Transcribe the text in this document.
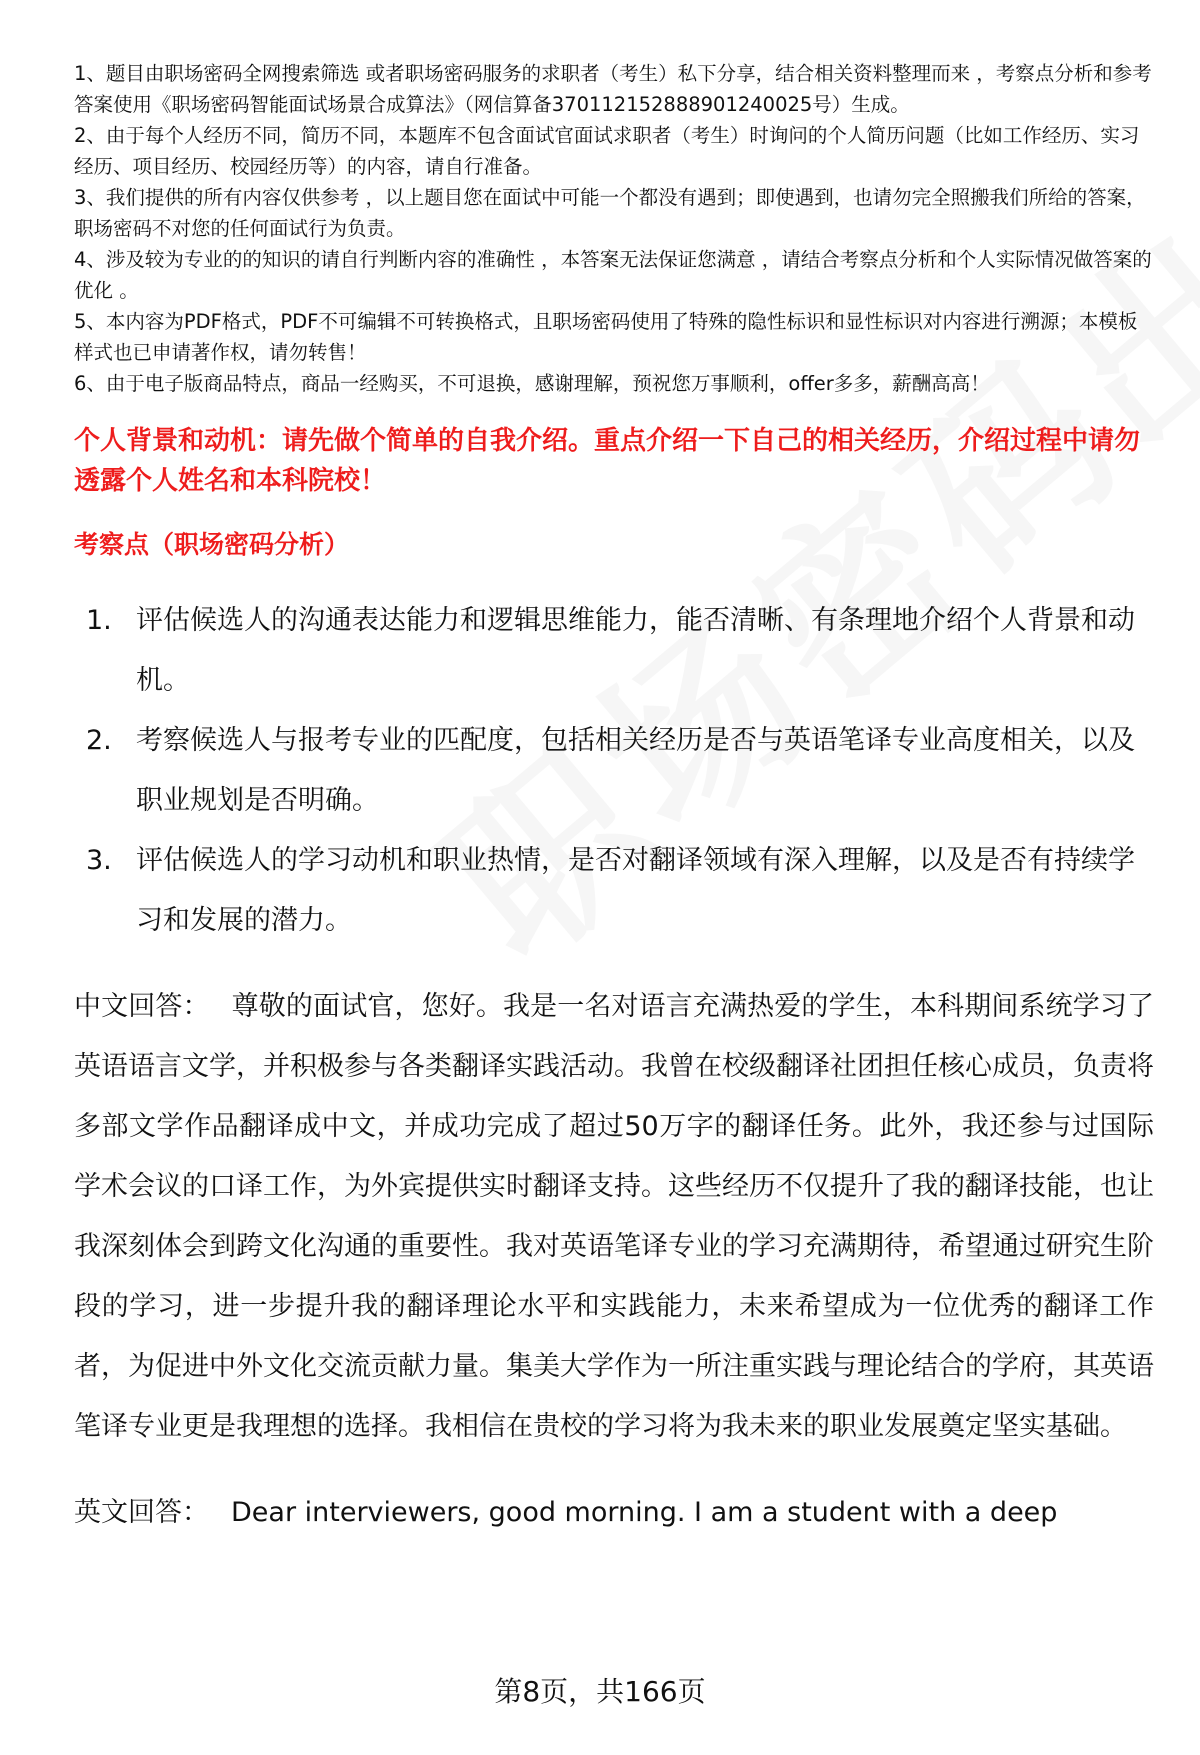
1、题目由职场密码全网搜索筛选 或者职场密码服务的求职者（考生）私下分享，结合相关资料整理而来 ，考察点分析和参考答案使用《职场密码智能面试场景合成算法》（网信算备370112152888901240025号）生成。
2、由于每个人经历不同，简历不同，本题库不包含面试官面试求职者（考生）时询问的个人简历问题（比如工作经历、实习经历、项目经历、校园经历等）的内容，请自行准备。
3、我们提供的所有内容仅供参考 ，以上题目您在面试中可能一个都没有遇到；即使遇到，也请勿完全照搬我们所给的答案，职场密码不对您的任何面试行为负责。
4、涉及较为专业的的知识的请自行判断内容的准确性 ，本答案无法保证您满意 ，请结合考察点分析和个人实际情况做答案的优化 。
5、本内容为PDF格式，PDF不可编辑不可转换格式，且职场密码使用了特殊的隐性标识和显性标识对内容进行溯源；本模板样式也已申请著作权，请勿转售！
6、由于电子版商品特点，商品一经购买，不可退换，感谢理解，预祝您万事顺利，offer多多，薪酬高高！
个人背景和动机：请先做个简单的自我介绍。重点介绍一下自己的相关经历，介绍过程中请勿透露个人姓名和本科院校！
考察点（职场密码分析）
1. 评估候选人的沟通表达能力和逻辑思维能力，能否清晰、有条理地介绍个人背景和动机。
2. 考察候选人与报考专业的匹配度，包括相关经历是否与英语笔译专业高度相关，以及职业规划是否明确。
3. 评估候选人的学习动机和职业热情，是否对翻译领域有深入理解，以及是否有持续学习和发展的潜力。

中文回答： 尊敬的面试官，您好。我是一名对语言充满热爱的学生，本科期间系统学习了英语语言文学，并积极参与各类翻译实践活动。我曾在校级翻译社团担任核心成员，负责将多部文学作品翻译成中文，并成功完成了超过50万字的翻译任务。此外，我还参与过国际学术会议的口译工作，为外宾提供实时翻译支持。这些经历不仅提升了我的翻译技能，也让我深刻体会到跨文化沟通的重要性。我对英语笔译专业的学习充满期待，希望通过研究生阶段的学习，进一步提升我的翻译理论水平和实践能力，未来希望成为一位优秀的翻译工作者，为促进中外文化交流贡献力量。集美大学作为一所注重实践与理论结合的学府，其英语笔译专业更是我理想的选择。我相信在贵校的学习将为我未来的职业发展奠定坚实基础。

英文回答： Dear interviewers, good morning. I am a student with a deep

第8页，共166页
